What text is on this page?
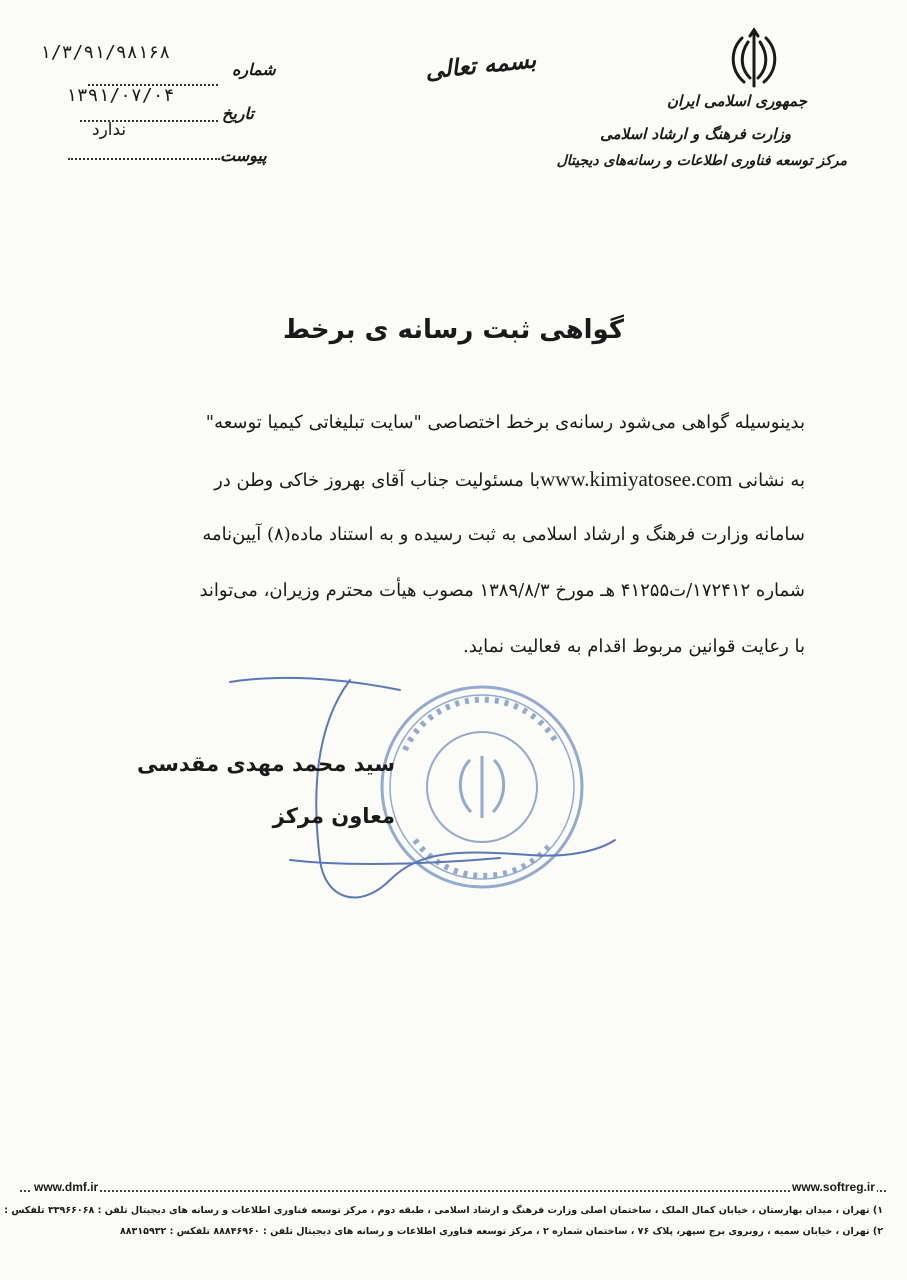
جمهوری اسلامی ایران
وزارت فرهنگ و ارشاد اسلامی
مرکز توسعه فناوری اطلاعات و رسانه‌های دیجیتال
بسمه تعالی
۱/۳/۹۱/۹۸۱۶۸
شماره
۱۳۹۱/۰۷/۰۴
تاریخ
ندارد
پیوست
گواهی ثبت رسانه ی برخط
بدینوسیله گواهی می‌شود رسانه‌ی برخط اختصاصی "سایت تبلیغاتی کیمیا توسعه"
به نشانی www.kimiyatosee.comبا مسئولیت جناب آقای بهروز خاکی وطن در
سامانه وزارت فرهنگ و ارشاد اسلامی به ثبت رسیده و به استناد ماده(۸) آیین‌نامه
شماره ۱۷۲۴۱۲/ت۴۱۲۵۵ هـ مورخ ۱۳۸۹/۸/۳ مصوب هیأت محترم وزیران، می‌تواند
با رعایت قوانین مربوط اقدام به فعالیت نماید.
سید محمد مهدی مقدسی
معاون مرکز
www.dmf.ir	www.softreg.ir
۱) تهران ، میدان بهارستان ، خیابان کمال الملک ، ساختمان اصلی وزارت فرهنگ و ارشاد اسلامی ، طبقه دوم ، مرکز توسعه فناوری اطلاعات و رسانه های دیجیتال تلفن : ۳۳۹۶۶۰۶۸ تلفکس :
۲) تهران ، خیابان سمیه ، روبروی برج سپهر، پلاک ۷۶ ، ساختمان شماره ۲ ، مرکز توسعه فناوری اطلاعات و رسانه های دیجیتال تلفن : ۸۸۸۴۶۹۶۰ تلفکس : ۸۸۳۱۵۹۳۲
